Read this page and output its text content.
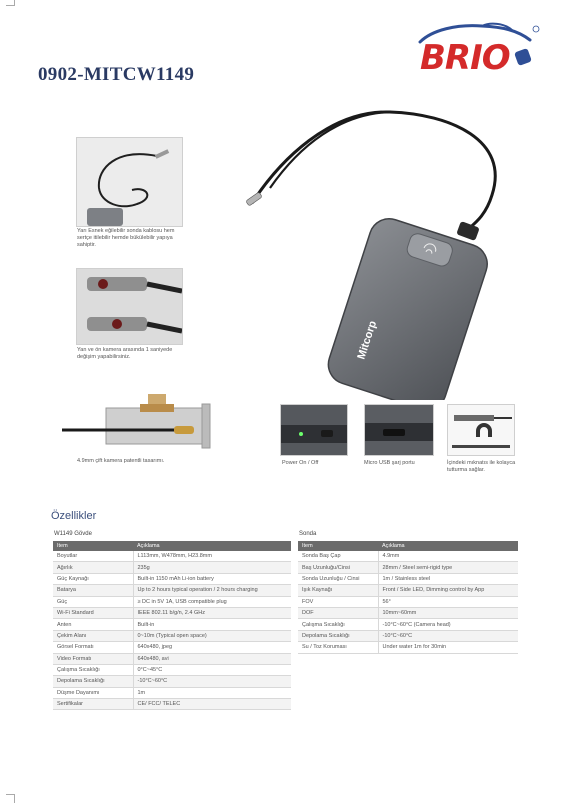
0902-MITCW1149	BRIO
Mitcorp
Yarı Esnek eğilebilir sonda kablosu hem sertçe itilebilir hemde bükülebilir yapıya sahiptir.
Yan ve ön kamera arasında 1 saniyede değişim yapabilirsiniz.
4.9mm çift kamera patentli tasarımı.	Power On / Off	Micro USB şarj portu	İçindeki mıknatıs ile kolayca tutturma sağlar.
Özellikler
W1149 Gövde
Item	Açıklama
Boyutlar	L113mm, W478mm, H23.8mm
Ağırlık	235g
Güç Kaynağı	Built-in 1150 mAh Li-ion battery
Batarya	Up to 2 hours typical operation / 2 hours charging
Güç	≥ DC in 5V 1A, USB compatible plug
Wi-Fi Standard	IEEE 802.11 b/g/n, 2.4 GHz
Anten	Built-in
Çekim Alanı	0~10m (Typical open space)
Görsel Formatı	640x480, jpeg
Video Formatı	640x480, avi
Çalışma Sıcaklığı	0°C~45°C
Depolama Sıcaklığı	-10°C~60°C
Düşme Dayanımı	1m
Sertifikalar	CE/ FCC/ TELEC
Sonda
Item	Açıklama
Sonda Baş Çap	4.9mm
Baş Uzunluğu/Cinsi	28mm / Steel semi-rigid type
Sonda Uzunluğu / Cinsi	1m / Stainless steel
Işık Kaynağı	Front / Side LED, Dimming control by App
FOV	56°
DOF	10mm~60mm
Çalışma Sıcaklığı	-10°C~60°C (Camera head)
Depolama Sıcaklığı	-10°C~60°C
Su / Toz Koruması	Under water 1m for 30min
